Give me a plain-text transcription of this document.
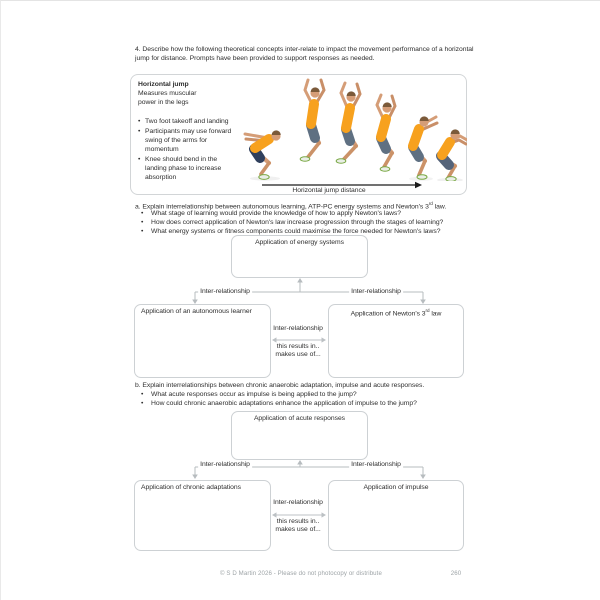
4. Describe how the following theoretical concepts inter-relate to impact the movement performance of a horizontal jump for distance. Prompts have been provided to support responses as needed.
Horizontal jump
Measures muscular power in the legs
• Two foot takeoff and landing
• Participants may use forward swing of the arms for momentum
• Knee should bend in the landing phase to increase absorption
Horizontal jump distance
a. Explain interrelationship between autonomous learning, ATP-PC energy systems and Newton's 3rd law.
• What stage of learning would provide the knowledge of how to apply Newton's laws?
• How does correct application of Newton's law increase progression through the stages of learning?
• What energy systems or fitness components could maximise the force needed for Newton's laws?
Application of energy systems
Inter-relationship	Inter-relationship
Application of an autonomous learner	Application of Newton's 3rd law
Inter-relationship
this results in..
makes use of...
b. Explain interrelationships between chronic anaerobic adaptation, impulse and acute responses.
• What acute responses occur as impulse is being applied to the jump?
• How could chronic anaerobic adaptations enhance the application of impulse to the jump?
Application of acute responses
Inter-relationship	Inter-relationship
Application of chronic adaptations	Application of impulse
Inter-relationship
this results in..
makes use of...
© S D Martin 2026 - Please do not photocopy or distribute	260
